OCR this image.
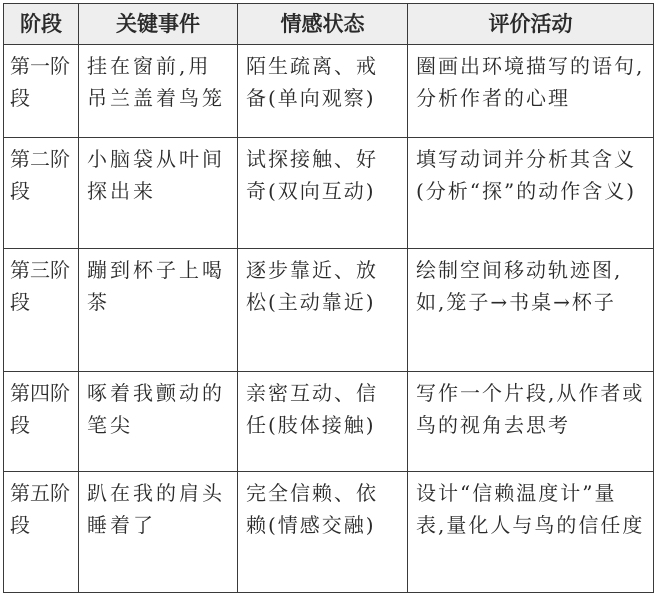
阶段	关键事件	情感状态	评价活动
第一阶段	挂在窗前,用吊兰盖着鸟笼	陌生疏离、戒备(单向观察)	圈画出环境描写的语句,分析作者的心理
第二阶段	小脑袋从叶间探出来	试探接触、好奇(双向互动)	填写动词并分析其含义(分析“探”的动作含义)
第三阶段	蹦到杯子上喝茶	逐步靠近、放松(主动靠近)	绘制空间移动轨迹图,如,笼子→书桌→杯子
第四阶段	啄着我颤动的笔尖	亲密互动、信任(肢体接触)	写作一个片段,从作者或鸟的视角去思考
第五阶段	趴在我的肩头睡着了	完全信赖、依赖(情感交融)	设计“信赖温度计”量表,量化人与鸟的信任度
